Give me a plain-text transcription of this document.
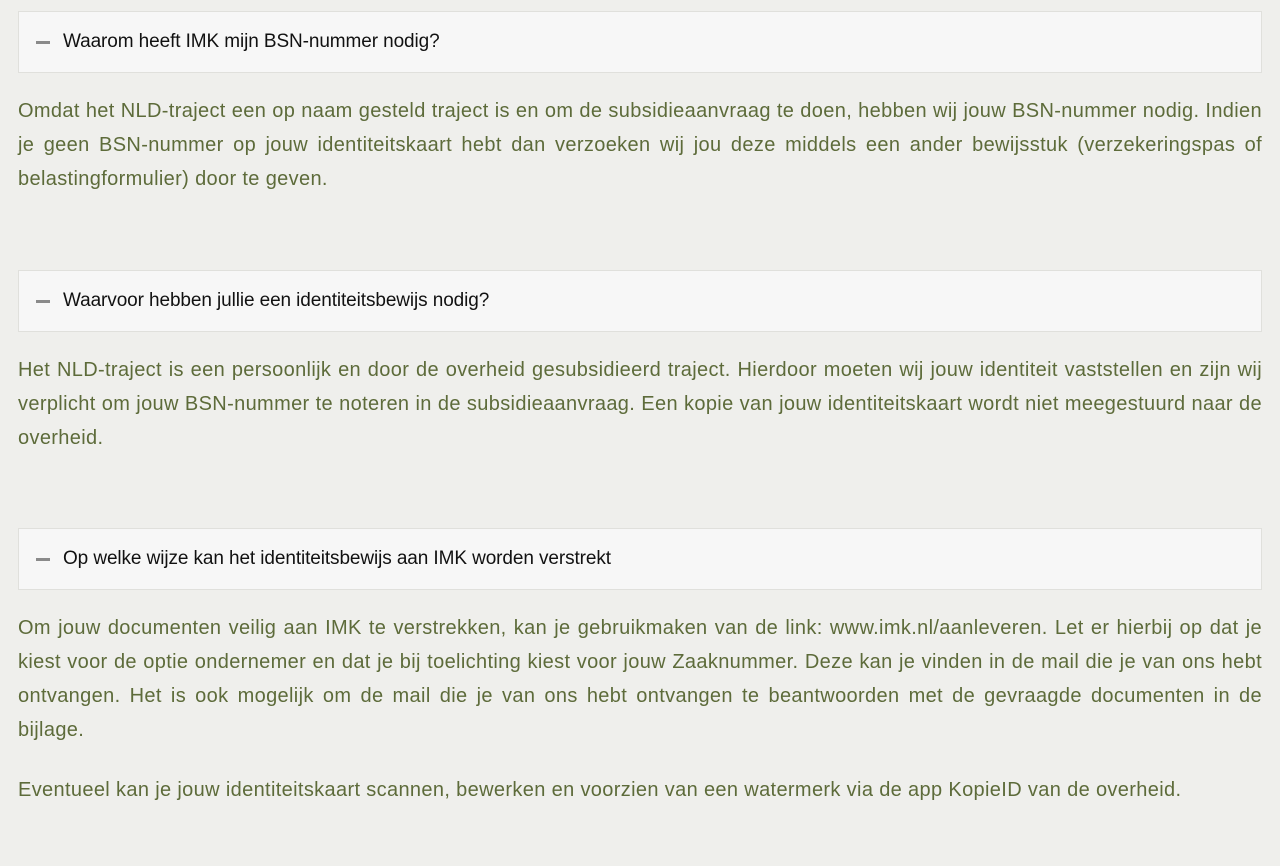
Waarom heeft IMK mijn BSN-nummer nodig?

Omdat het NLD-traject een op naam gesteld traject is en om de subsidieaanvraag te doen, hebben wij jouw BSN-nummer nodig. Indien je geen BSN-nummer op jouw identiteitskaart hebt dan verzoeken wij jou deze middels een ander bewijsstuk (verzekeringspas of belastingformulier) door te geven.

Waarvoor hebben jullie een identiteitsbewijs nodig?

Het NLD-traject is een persoonlijk en door de overheid gesubsidieerd traject. Hierdoor moeten wij jouw identiteit vaststellen en zijn wij verplicht om jouw BSN-nummer te noteren in de subsidieaanvraag. Een kopie van jouw identiteitskaart wordt niet meegestuurd naar de overheid.

Op welke wijze kan het identiteitsbewijs aan IMK worden verstrekt

Om jouw documenten veilig aan IMK te verstrekken, kan je gebruikmaken van de link: www.imk.nl/aanleveren. Let er hierbij op dat je kiest voor de optie ondernemer en dat je bij toelichting kiest voor jouw Zaaknummer. Deze kan je vinden in de mail die je van ons hebt ontvangen. Het is ook mogelijk om de mail die je van ons hebt ontvangen te beantwoorden met de gevraagde documenten in de bijlage.

Eventueel kan je jouw identiteitskaart scannen, bewerken en voorzien van een watermerk via de app KopieID van de overheid.
